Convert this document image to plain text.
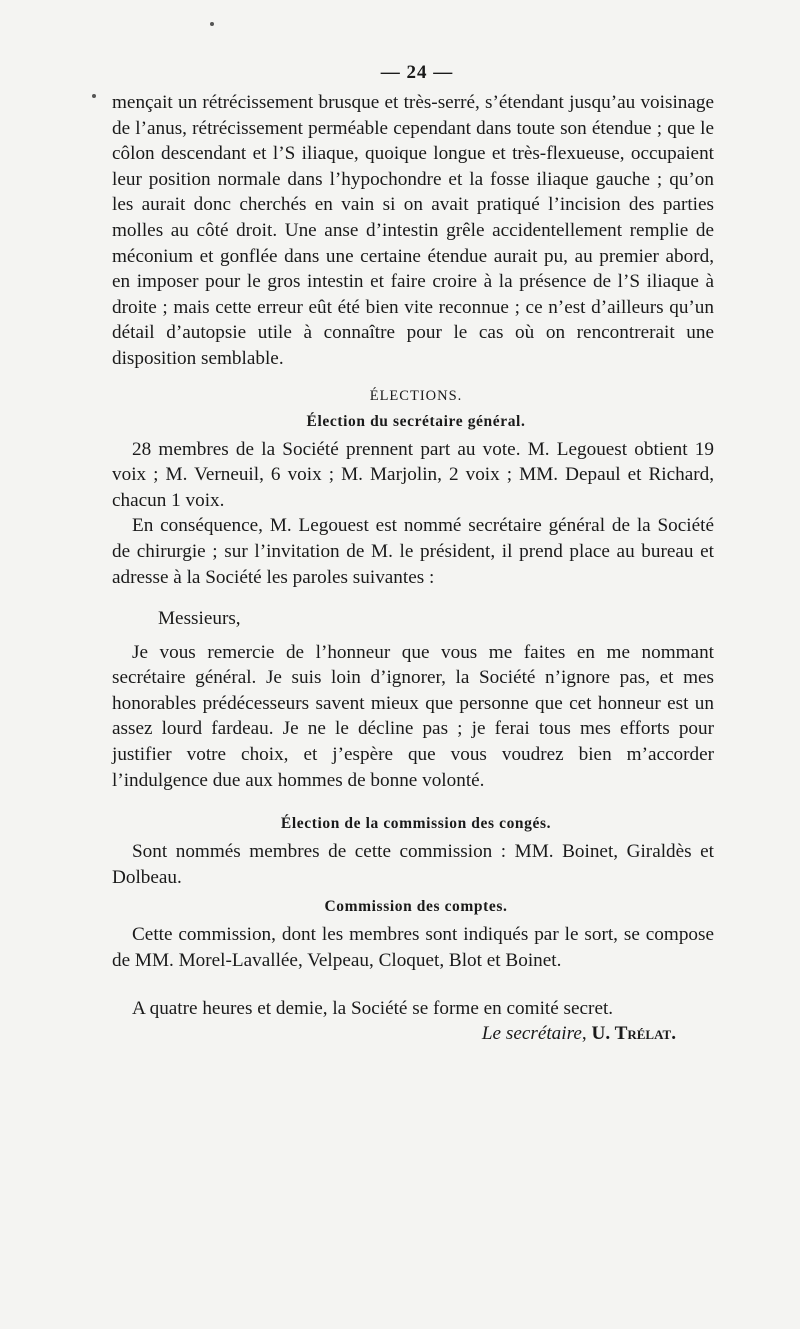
— 24 —

mençait un rétrécissement brusque et très-serré, s’étendant jusqu’au voisinage de l’anus, rétrécissement perméable cependant dans toute son étendue ; que le côlon descendant et l’S iliaque, quoique longue et très-flexueuse, occupaient leur position normale dans l’hypochondre et la fosse iliaque gauche ; qu’on les aurait donc cherchés en vain si on avait pratiqué l’incision des parties molles au côté droit. Une anse d’intestin grêle accidentellement remplie de méconium et gonflée dans une certaine étendue aurait pu, au premier abord, en imposer pour le gros intestin et faire croire à la présence de l’S iliaque à droite ; mais cette erreur eût été bien vite reconnue ; ce n’est d’ailleurs qu’un détail d’autopsie utile à connaître pour le cas où on rencontrerait une disposition semblable.

ÉLECTIONS.
Élection du secrétaire général.

28 membres de la Société prennent part au vote. M. Legouest obtient 19 voix ; M. Verneuil, 6 voix ; M. Marjolin, 2 voix ; MM. Depaul et Richard, chacun 1 voix.

En conséquence, M. Legouest est nommé secrétaire général de la Société de chirurgie ; sur l’invitation de M. le président, il prend place au bureau et adresse à la Société les paroles suivantes :

Messieurs,

Je vous remercie de l’honneur que vous me faites en me nommant secrétaire général. Je suis loin d’ignorer, la Société n’ignore pas, et mes honorables prédécesseurs savent mieux que personne que cet honneur est un assez lourd fardeau. Je ne le décline pas ; je ferai tous mes efforts pour justifier votre choix, et j’espère que vous voudrez bien m’accorder l’indulgence due aux hommes de bonne volonté.

Élection de la commission des congés.

Sont nommés membres de cette commission : MM. Boinet, Giraldès et Dolbeau.

Commission des comptes.

Cette commission, dont les membres sont indiqués par le sort, se compose de MM. Morel-Lavallée, Velpeau, Cloquet, Blot et Boinet.

A quatre heures et demie, la Société se forme en comité secret.

Le secrétaire, U. Trélat.
